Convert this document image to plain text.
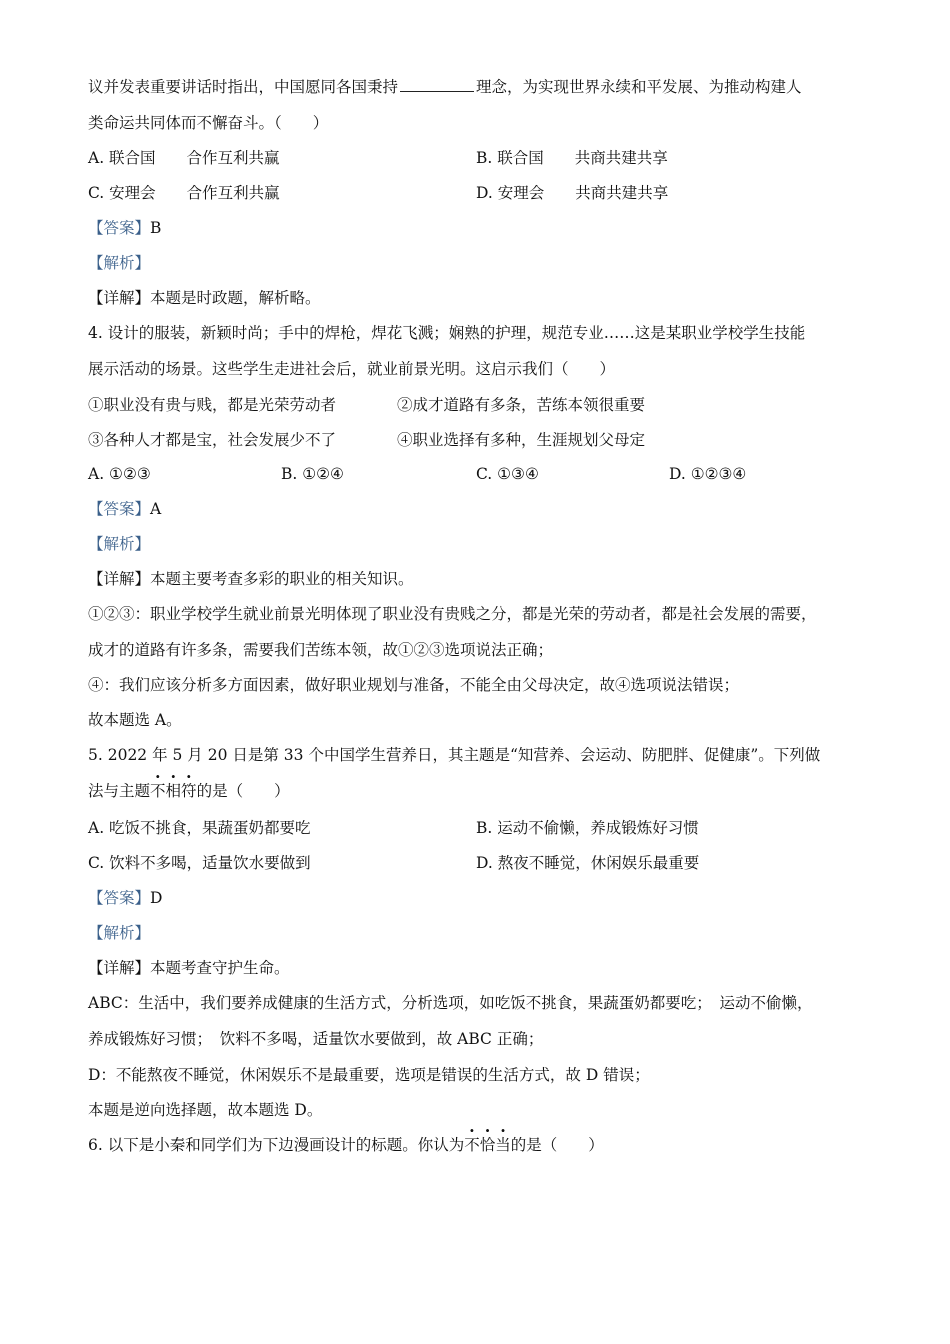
议并发表重要讲话时指出，中国愿同各国秉持	理念，为实现世界永续和平发展、为推动构建人
类命运共同体而不懈奋斗。（　　）
A. 联合国　　合作互利共赢	B. 联合国　　共商共建共享
C. 安理会　　合作互利共赢	D. 安理会　　共商共建共享
【答案】B
【解析】
【详解】本题是时政题，解析略。
4. 设计的服装，新颖时尚；手中的焊枪，焊花飞溅；娴熟的护理，规范专业……这是某职业学校学生技能
展示活动的场景。这些学生走进社会后，就业前景光明。这启示我们（　　）
①职业没有贵与贱，都是光荣劳动者	②成才道路有多条，苦练本领很重要
③各种人才都是宝，社会发展少不了	④职业选择有多种，生涯规划父母定
A. ①②③	B. ①②④	C. ①③④	D. ①②③④
【答案】A
【解析】
【详解】本题主要考查多彩的职业的相关知识。
①②③：职业学校学生就业前景光明体现了职业没有贵贱之分，都是光荣的劳动者，都是社会发展的需要，
成才的道路有许多条，需要我们苦练本领，故①②③选项说法正确；
④：我们应该分析多方面因素，做好职业规划与准备，不能全由父母决定，故④选项说法错误；
故本题选 A。
5. 2022 年 5 月 20 日是第 33 个中国学生营养日，其主题是“知营养、会运动、防肥胖、促健康”。下列做
法与主题不相符的是（　　）
A. 吃饭不挑食，果蔬蛋奶都要吃	B. 运动不偷懒，养成锻炼好习惯
C. 饮料不多喝，适量饮水要做到	D. 熬夜不睡觉，休闲娱乐最重要
【答案】D
【解析】
【详解】本题考查守护生命。
ABC：生活中，我们要养成健康的生活方式，分析选项，如吃饭不挑食，果蔬蛋奶都要吃；　运动不偷懒，
养成锻炼好习惯；　饮料不多喝，适量饮水要做到，故 ABC 正确；
D：不能熬夜不睡觉，休闲娱乐不是最重要，选项是错误的生活方式，故 D 错误；
本题是逆向选择题，故本题选 D。
6. 以下是小秦和同学们为下边漫画设计的标题。你认为不恰当的是（　　）
